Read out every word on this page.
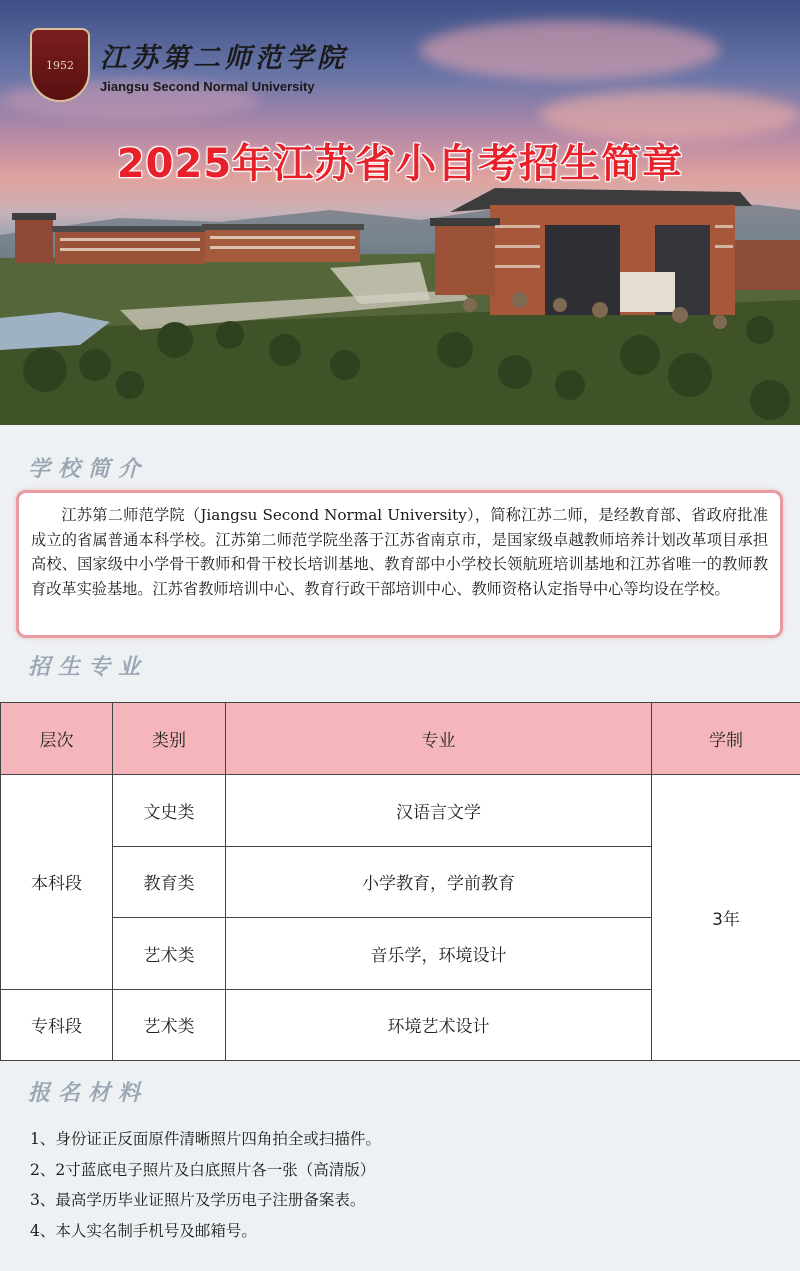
1952 江苏第二师范学院
Jiangsu Second Normal University
2025年江苏省小自考招生简章
学校简介

江苏第二师范学院（Jiangsu Second Normal University），简称江苏二师，是经教育部、省政府批准成立的省属普通本科学校。江苏第二师范学院坐落于江苏省南京市，是国家级卓越教师培养计划改革项目承担高校、国家级中小学骨干教师和骨干校长培训基地、教育部中小学校长领航班培训基地和江苏省唯一的教师教育改革实验基地。江苏省教师培训中心、教育行政干部培训中心、教师资格认定指导中心等均设在学校。

招生专业
层次	类别	专业	学制
本科段	文史类	汉语言文学	3年
	教育类	小学教育，学前教育	
	艺术类	音乐学，环境设计	
专科段	艺术类	环境艺术设计	
报名材料
1、身份证正反面原件清晰照片四角拍全或扫描件。
2、2寸蓝底电子照片及白底照片各一张（高清版）
3、最高学历毕业证照片及学历电子注册备案表。
4、本人实名制手机号及邮箱号。
